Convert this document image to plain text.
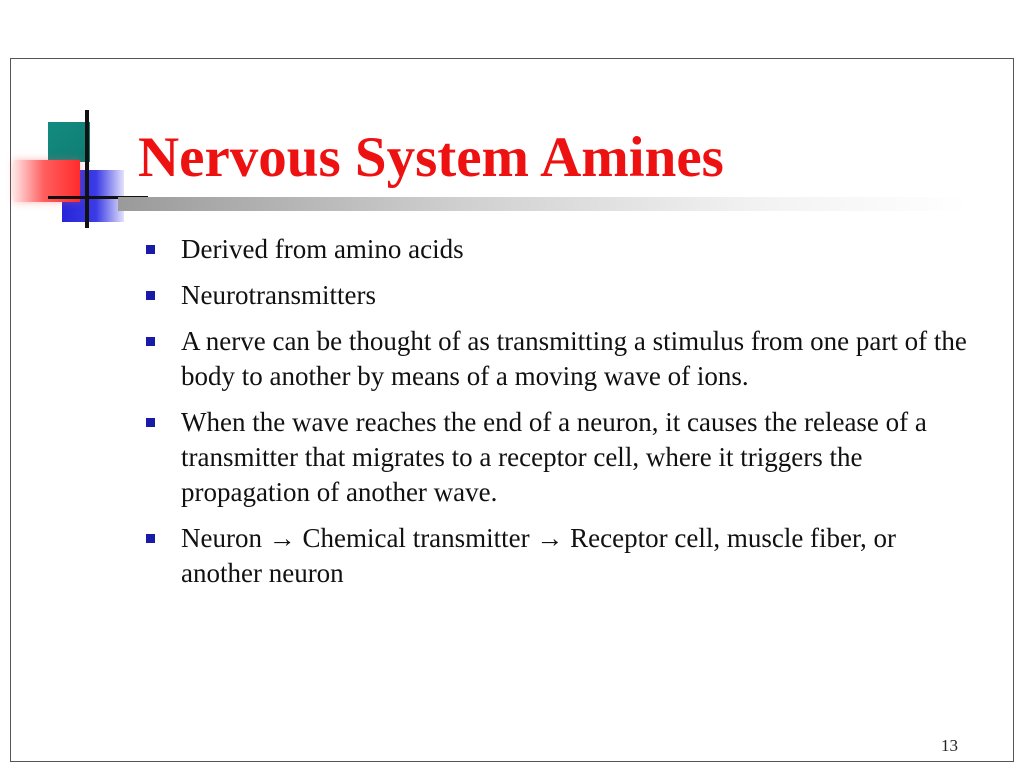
Nervous System Amines
Derived from amino acids
Neurotransmitters
A nerve can be thought of as transmitting a stimulus from one part of the body to another by means of a moving wave of ions.
When the wave reaches the end of a neuron, it causes the release of a transmitter that migrates to a receptor cell, where it triggers the propagation of another wave.
Neuron → Chemical transmitter → Receptor cell, muscle fiber, or another neuron
13
